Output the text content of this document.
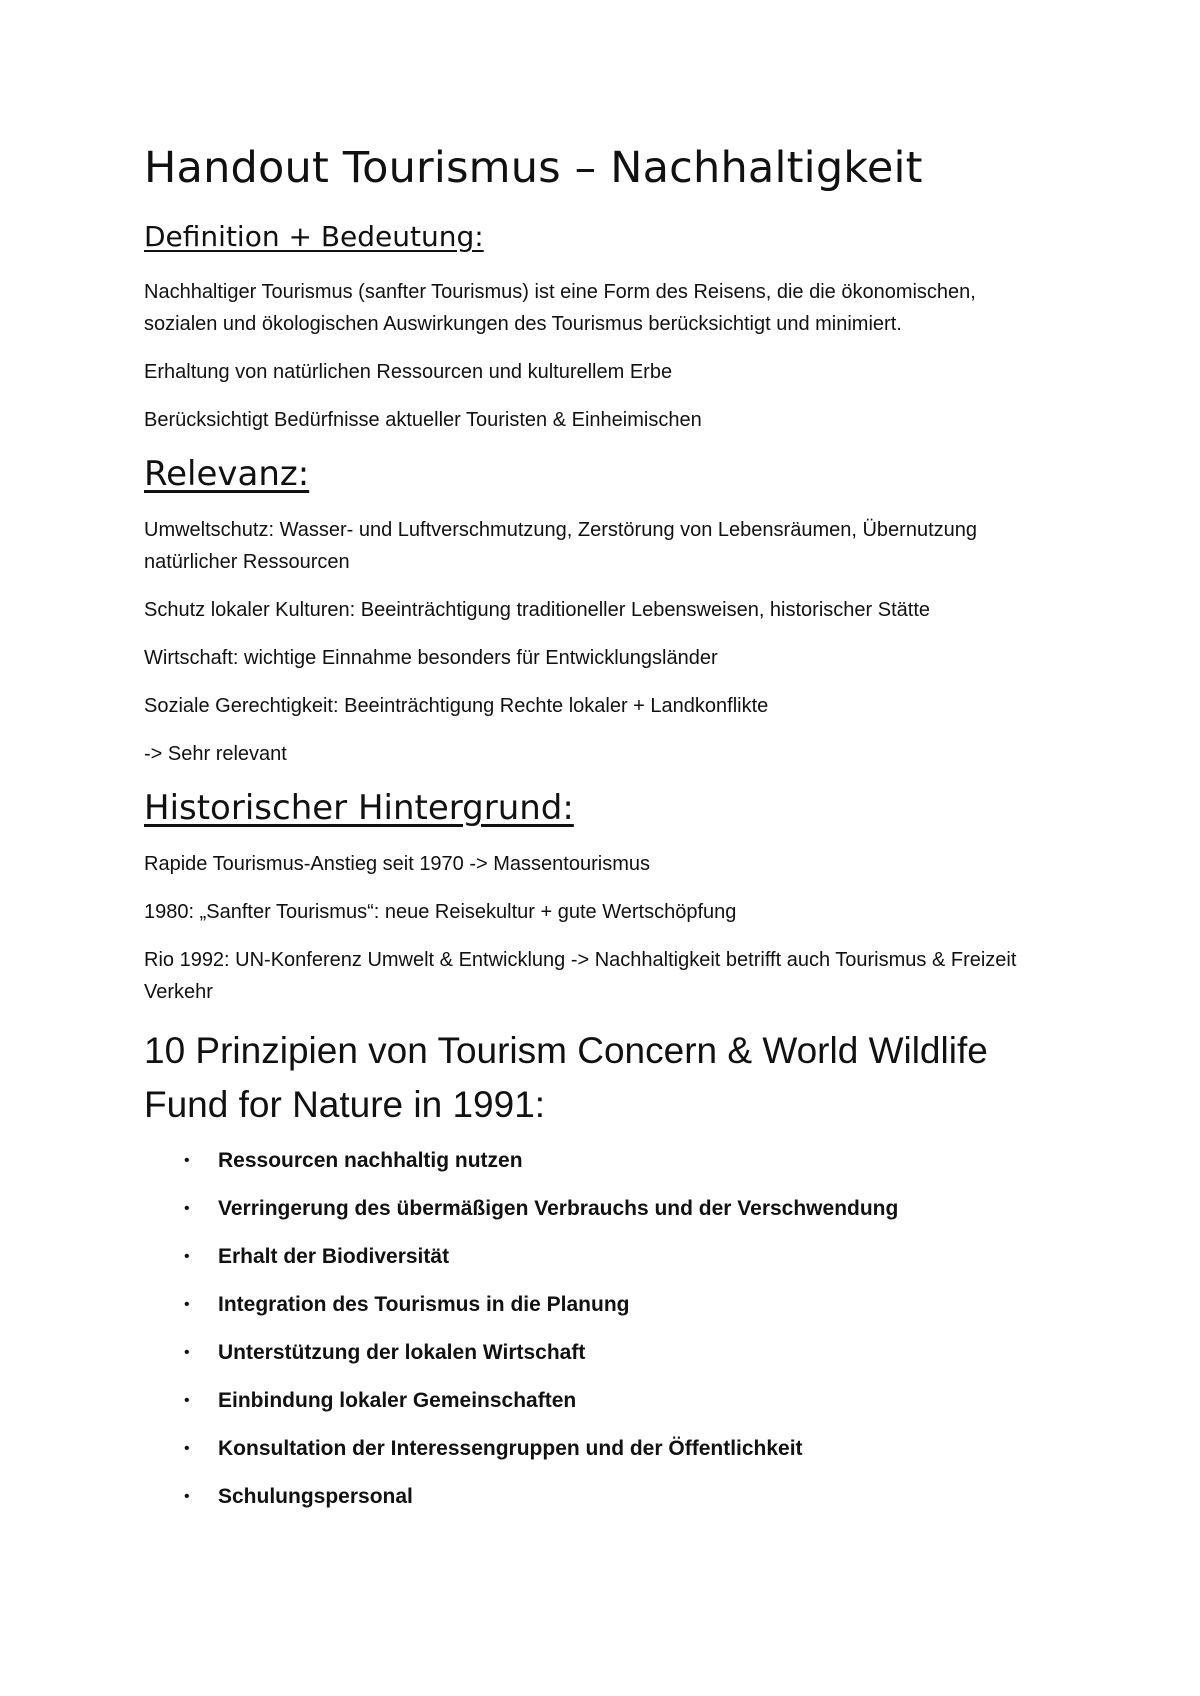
Handout Tourismus – Nachhaltigkeit
Definition + Bedeutung:

Nachhaltiger Tourismus (sanfter Tourismus) ist eine Form des Reisens, die die ökonomischen, sozialen und ökologischen Auswirkungen des Tourismus berücksichtigt und minimiert.

Erhaltung von natürlichen Ressourcen und kulturellem Erbe

Berücksichtigt Bedürfnisse aktueller Touristen & Einheimischen

Relevanz:

Umweltschutz: Wasser- und Luftverschmutzung, Zerstörung von Lebensräumen, Übernutzung natürlicher Ressourcen

Schutz lokaler Kulturen: Beeinträchtigung traditioneller Lebensweisen, historischer Stätte

Wirtschaft: wichtige Einnahme besonders für Entwicklungsländer

Soziale Gerechtigkeit: Beeinträchtigung Rechte lokaler + Landkonflikte

-> Sehr relevant

Historischer Hintergrund:

Rapide Tourismus-Anstieg seit 1970 -> Massentourismus

1980: „Sanfter Tourismus“: neue Reisekultur + gute Wertschöpfung

Rio 1992: UN-Konferenz Umwelt & Entwicklung -> Nachhaltigkeit betrifft auch Tourismus & Freizeit Verkehr

10 Prinzipien von Tourism Concern & World Wildlife Fund for Nature in 1991:
• Ressourcen nachhaltig nutzen
• Verringerung des übermäßigen Verbrauchs und der Verschwendung
• Erhalt der Biodiversität
• Integration des Tourismus in die Planung
• Unterstützung der lokalen Wirtschaft
• Einbindung lokaler Gemeinschaften
• Konsultation der Interessengruppen und der Öffentlichkeit
• Schulungspersonal
